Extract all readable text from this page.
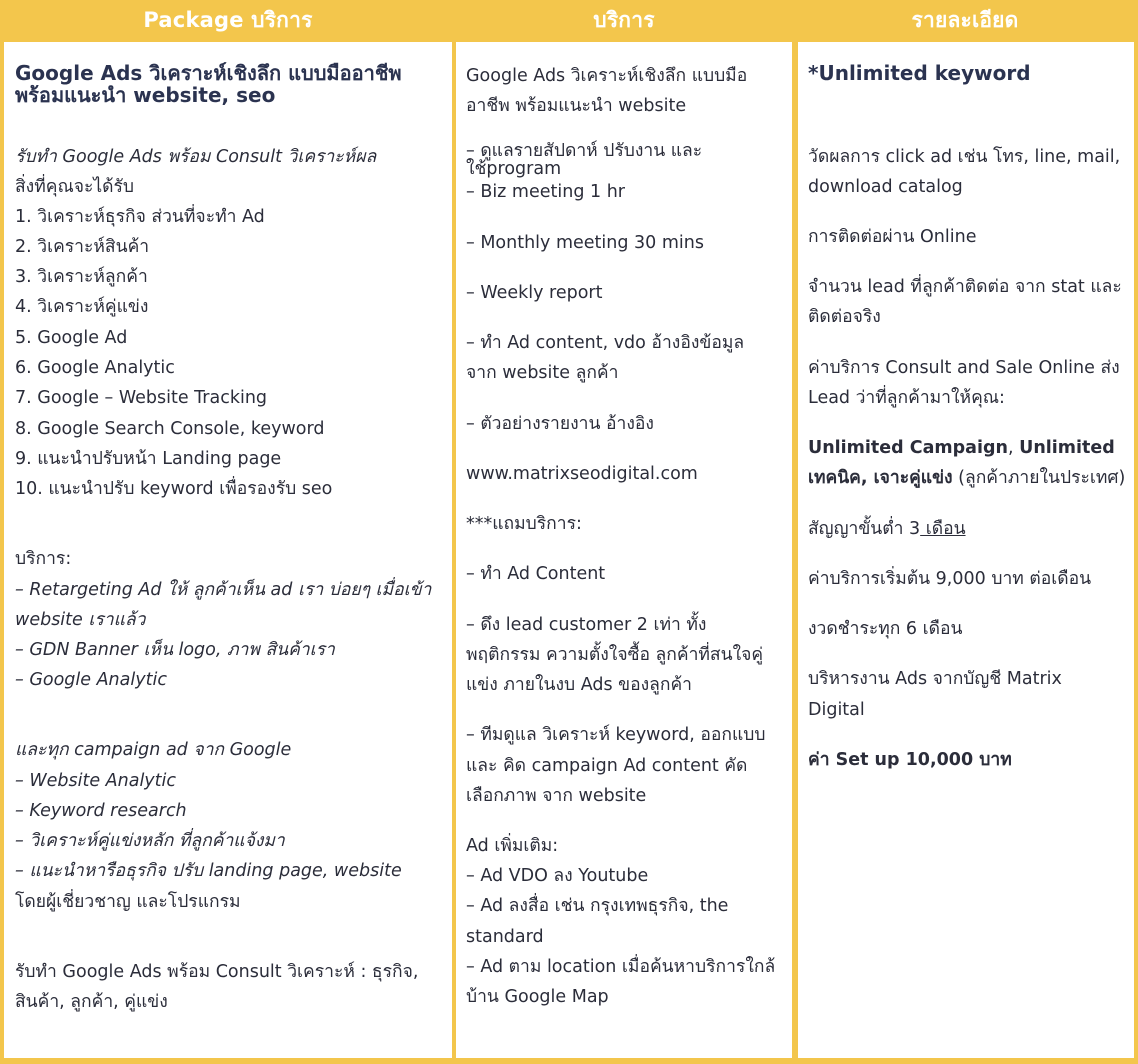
Package บริการ	บริการ	รายละเอียด
Google Ads วิเคราะห์เชิงลึก แบบมืออาชีพ
พร้อมแนะนำ website, seo
รับทำ Google Ads พร้อม Consult วิเคราะห์ผล
สิ่งที่คุณจะได้รับ
1. วิเคราะห์ธุรกิจ ส่วนที่จะทำ Ad
2. วิเคราะห์สินค้า
3. วิเคราะห์ลูกค้า
4. วิเคราะห์คู่แข่ง
5. Google Ad
6. Google Analytic
7. Google – Website Tracking
8. Google Search Console, keyword
9. แนะนำปรับหน้า Landing page
10. แนะนำปรับ keyword เพื่อรองรับ seo
บริการ:
– Retargeting Ad ให้ ลูกค้าเห็น ad เรา บ่อยๆ เมื่อเข้า
website เราแล้ว
– GDN Banner เห็น logo, ภาพ สินค้าเรา
– Google Analytic
และทุก campaign ad จาก Google
– Website Analytic
– Keyword research
– วิเคราะห์คู่แข่งหลัก ที่ลูกค้าแจ้งมา
– แนะนำหารือธุรกิจ ปรับ landing page, website
โดยผู้เชี่ยวชาญ และโปรแกรม
รับทำ Google Ads พร้อม Consult วิเคราะห์ : ธุรกิจ,
สินค้า, ลูกค้า, คู่แข่ง
Google Ads วิเคราะห์เชิงลึก แบบมือ
อาชีพ พร้อมแนะนำ website
– ดูแลรายสัปดาห์ ปรับงาน และ
ใช้program
– Biz meeting 1 hr
– Monthly meeting 30 mins
– Weekly report
– ทำ Ad content, vdo อ้างอิงข้อมูล
จาก website ลูกค้า
– ตัวอย่างรายงาน อ้างอิง
www.matrixseodigital.com
***แถมบริการ:
– ทำ Ad Content
– ดึง lead customer 2 เท่า ทั้ง
พฤติกรรม ความตั้งใจซื้อ ลูกค้าที่สนใจคู่
แข่ง ภายในงบ Ads ของลูกค้า
– ทีมดูแล วิเคราะห์ keyword, ออกแบบ
และ คิด campaign Ad content คัด
เลือกภาพ จาก website
Ad เพิ่มเติม:
– Ad VDO ลง Youtube
– Ad ลงสื่อ เช่น กรุงเทพธุรกิจ, the
standard
– Ad ตาม location เมื่อค้นหาบริการใกล้
บ้าน Google Map
*Unlimited keyword
วัดผลการ click ad เช่น โทร, line, mail,
download catalog
การติดต่อผ่าน Online
จำนวน lead ที่ลูกค้าติดต่อ จาก stat และ
ติดต่อจริง
ค่าบริการ Consult and Sale Online ส่ง
Lead ว่าที่ลูกค้ามาให้คุณ:
Unlimited Campaign, Unlimited
เทคนิค, เจาะคู่แข่ง (ลูกค้าภายในประเทศ)
สัญญาขั้นต่ำ 3 เดือน
ค่าบริการเริ่มต้น 9,000 บาท ต่อเดือน
งวดชำระทุก 6 เดือน
บริหารงาน Ads จากบัญชี Matrix
Digital
ค่า Set up 10,000 บาท
